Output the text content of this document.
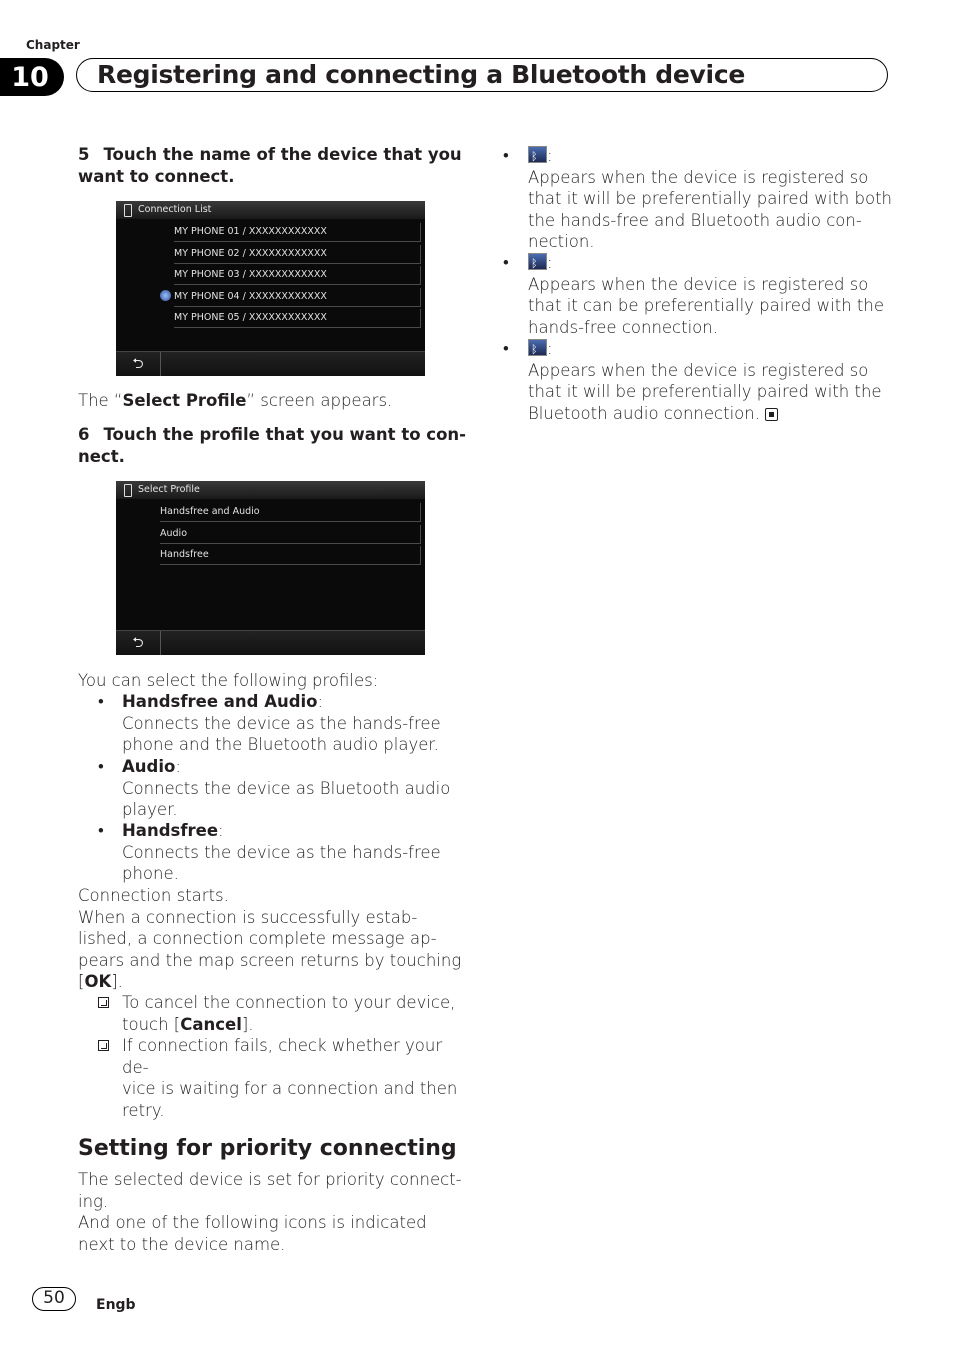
Chapter
10	Registering and connecting a Bluetooth device
5 Touch the name of the device that you
want to connect.
Connection List
MY PHONE 01 / XXXXXXXXXXXX
MY PHONE 02 / XXXXXXXXXXXX
MY PHONE 03 / XXXXXXXXXXXX
MY PHONE 04 / XXXXXXXXXXXX
MY PHONE 05 / XXXXXXXXXXXX
⮌
The “Select Profile” screen appears.
6 Touch the profile that you want to con-
nect.
Select Profile
Handsfree and Audio
Audio
Handsfree
⮌
You can select the following profiles:
• Handsfree and Audio:
Connects the device as the hands-free
phone and the Bluetooth audio player.
• Audio:
Connects the device as Bluetooth audio
player.
• Handsfree:
Connects the device as the hands-free
phone.
Connection starts.
When a connection is successfully estab-
lished, a connection complete message ap-
pears and the map screen returns by touching
[OK].
To cancel the connection to your device,
touch [Cancel].
If connection fails, check whether your de-
vice is waiting for a connection and then
retry.
Setting for priority connecting
The selected device is set for priority connect-
ing.
And one of the following icons is indicated
next to the device name.
• ᛒ	:
Appears when the device is registered so
that it will be preferentially paired with both
the hands-free and Bluetooth audio con-
nection.
• ᛒ	:
Appears when the device is registered so
that it can be preferentially paired with the
hands-free connection.
• ᛒ	:
Appears when the device is registered so
that it will be preferentially paired with the
Bluetooth audio connection.
50	Engb
